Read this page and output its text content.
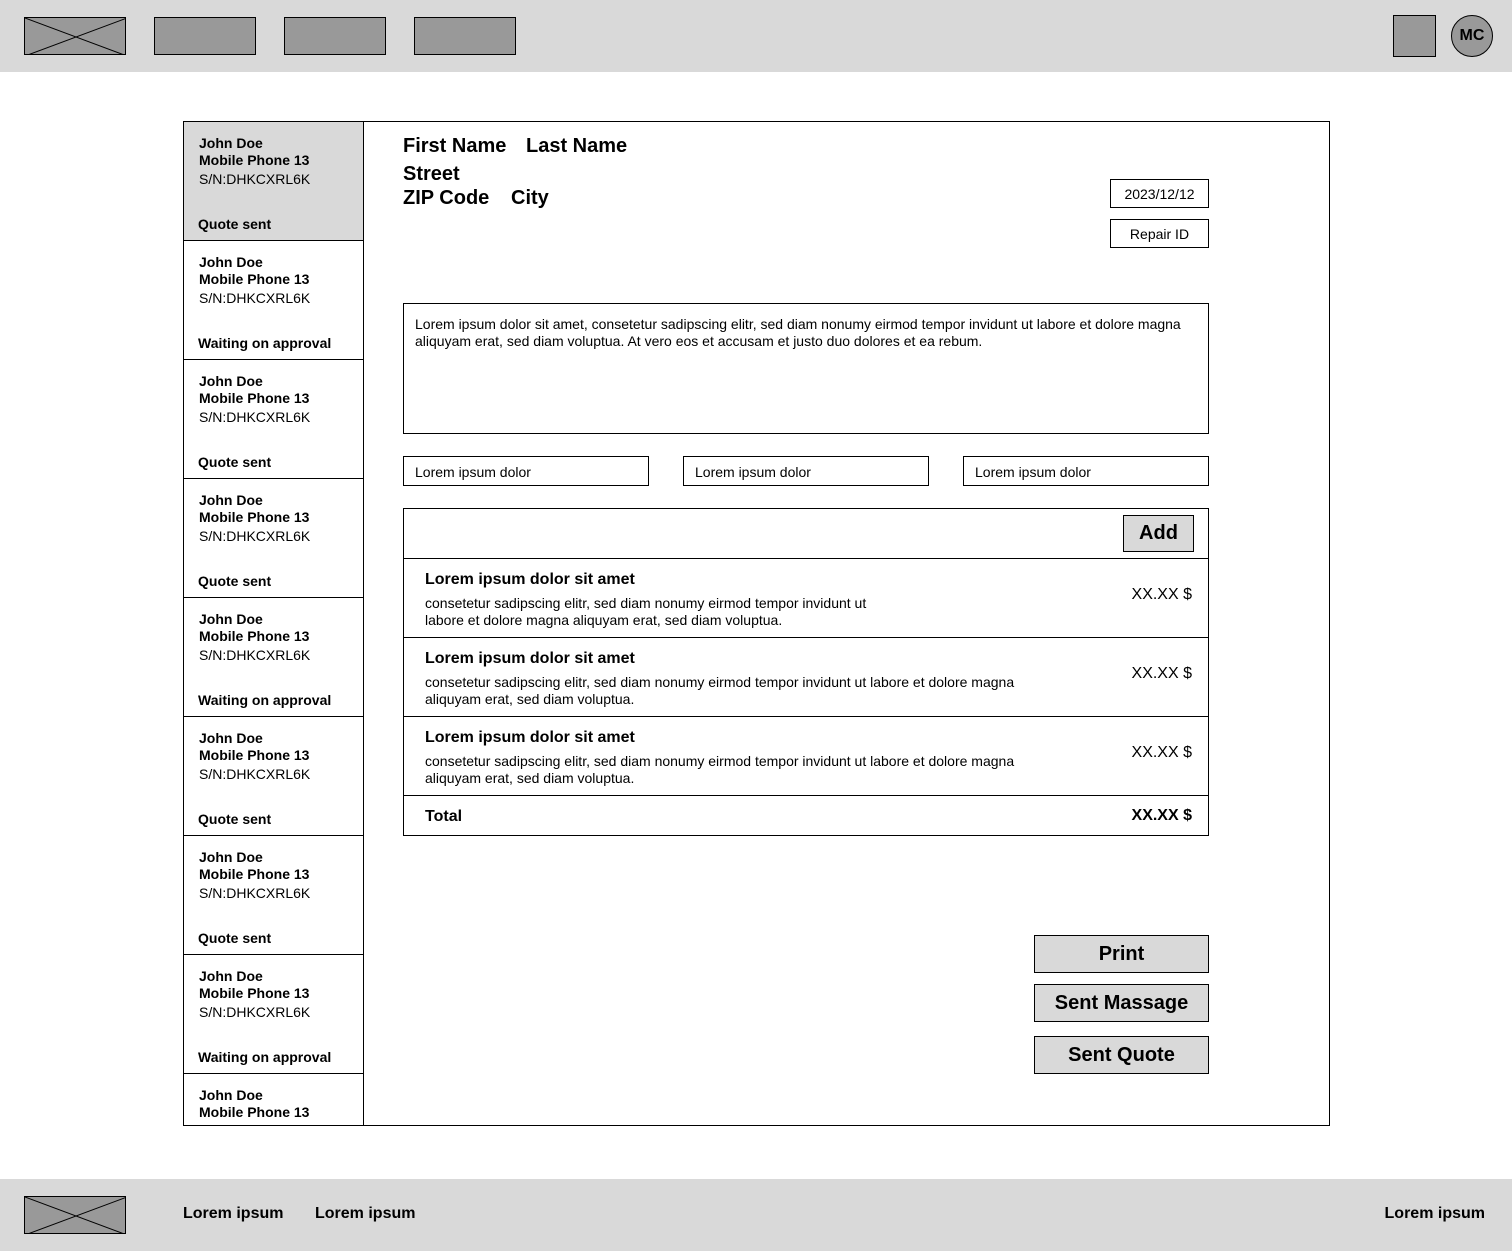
MC
John Doe
Mobile Phone 13
S/N:DHKCXRL6K
Quote sent
John Doe
Mobile Phone 13
S/N:DHKCXRL6K
Waiting on approval
John Doe
Mobile Phone 13
S/N:DHKCXRL6K
Quote sent
John Doe
Mobile Phone 13
S/N:DHKCXRL6K
Quote sent
John Doe
Mobile Phone 13
S/N:DHKCXRL6K
Waiting on approval
John Doe
Mobile Phone 13
S/N:DHKCXRL6K
Quote sent
John Doe
Mobile Phone 13
S/N:DHKCXRL6K
Quote sent
John Doe
Mobile Phone 13
S/N:DHKCXRL6K
Waiting on approval
John Doe
Mobile Phone 13
First Name Last Name
Street
ZIP Code City	2023/12/12
Repair ID
Lorem ipsum dolor sit amet, consetetur sadipscing elitr, sed diam nonumy eirmod tempor invidunt ut labore et dolore magna aliquyam erat, sed diam voluptua. At vero eos et accusam et justo duo dolores et ea rebum.
Lorem ipsum dolor	Lorem ipsum dolor	Lorem ipsum dolor
Add
Lorem ipsum dolor sit amet
consetetur sadipscing elitr, sed diam nonumy eirmod tempor invidunt ut
labore et dolore magna aliquyam erat, sed diam voluptua.
XX.XX $
Lorem ipsum dolor sit amet
consetetur sadipscing elitr, sed diam nonumy eirmod tempor invidunt ut labore et dolore magna
aliquyam erat, sed diam voluptua.
XX.XX $
Lorem ipsum dolor sit amet
consetetur sadipscing elitr, sed diam nonumy eirmod tempor invidunt ut labore et dolore magna
aliquyam erat, sed diam voluptua.
XX.XX $
Total	XX.XX $
Print
Sent Massage
Sent Quote
Lorem ipsum Lorem ipsum	Lorem ipsum
